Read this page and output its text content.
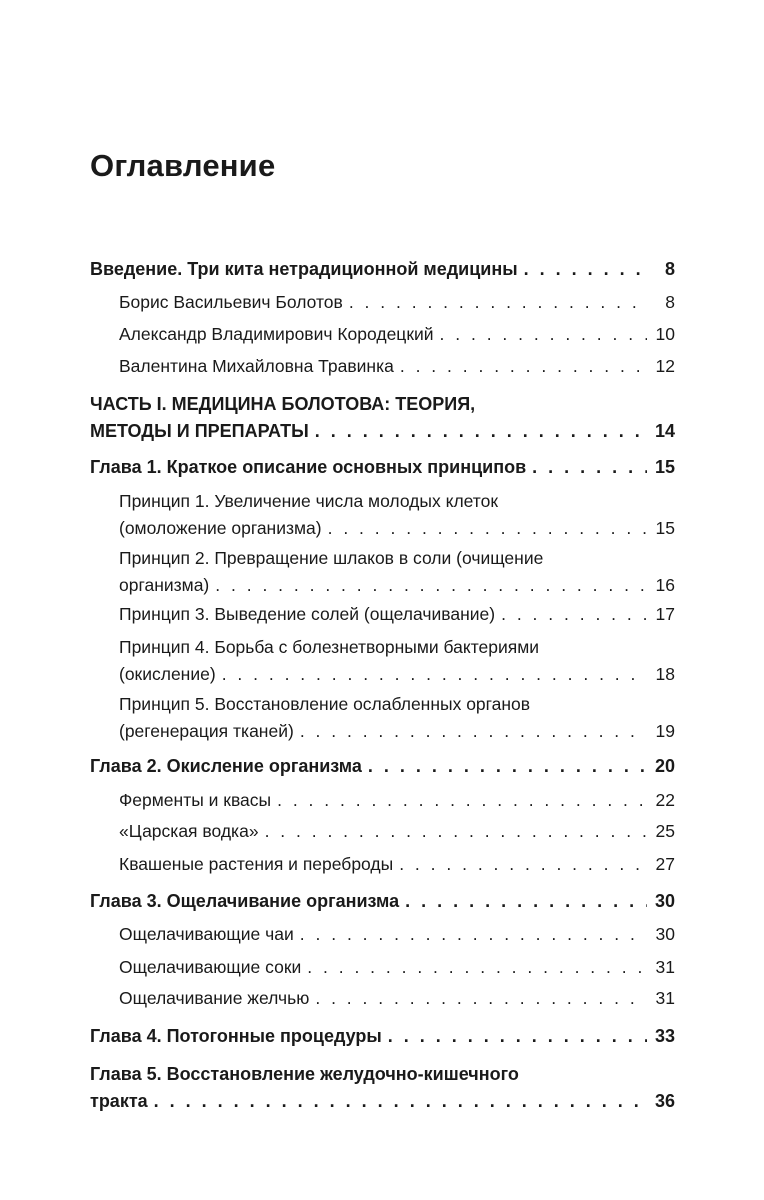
Оглавление
Введение. Три кита нетрадиционной медицины . . .	8
Борис Васильевич Болотов . . .	8
Александр Владимирович Кородецкий . . .	10
Валентина Михайловна Травинка . . .	12
ЧАСТЬ I. МЕДИЦИНА БОЛОТОВА: ТЕОРИЯ,
МЕТОДЫ И ПРЕПАРАТЫ . . .	14
Глава 1. Краткое описание основных принципов . . .	15
Принцип 1. Увеличение числа молодых клеток
(омоложение организма) . . .	15
Принцип 2. Превращение шлаков в соли (очищение
организма) . . .	16
Принцип 3. Выведение солей (ощелачивание) . . .	17
Принцип 4. Борьба с болезнетворными бактериями
(окисление) . . .	18
Принцип 5. Восстановление ослабленных органов
(регенерация тканей) . . .	19
Глава 2. Окисление организма . . .	20
Ферменты и квасы . . .	22
«Царская водка» . . .	25
Квашеные растения и переброды . . .	27
Глава 3. Ощелачивание организма . . .	30
Ощелачивающие чаи . . .	30
Ощелачивающие соки . . .	31
Ощелачивание желчью . . .	31
Глава 4. Потогонные процедуры . . .	33
Глава 5. Восстановление желудочно-кишечного
тракта . . .	36
